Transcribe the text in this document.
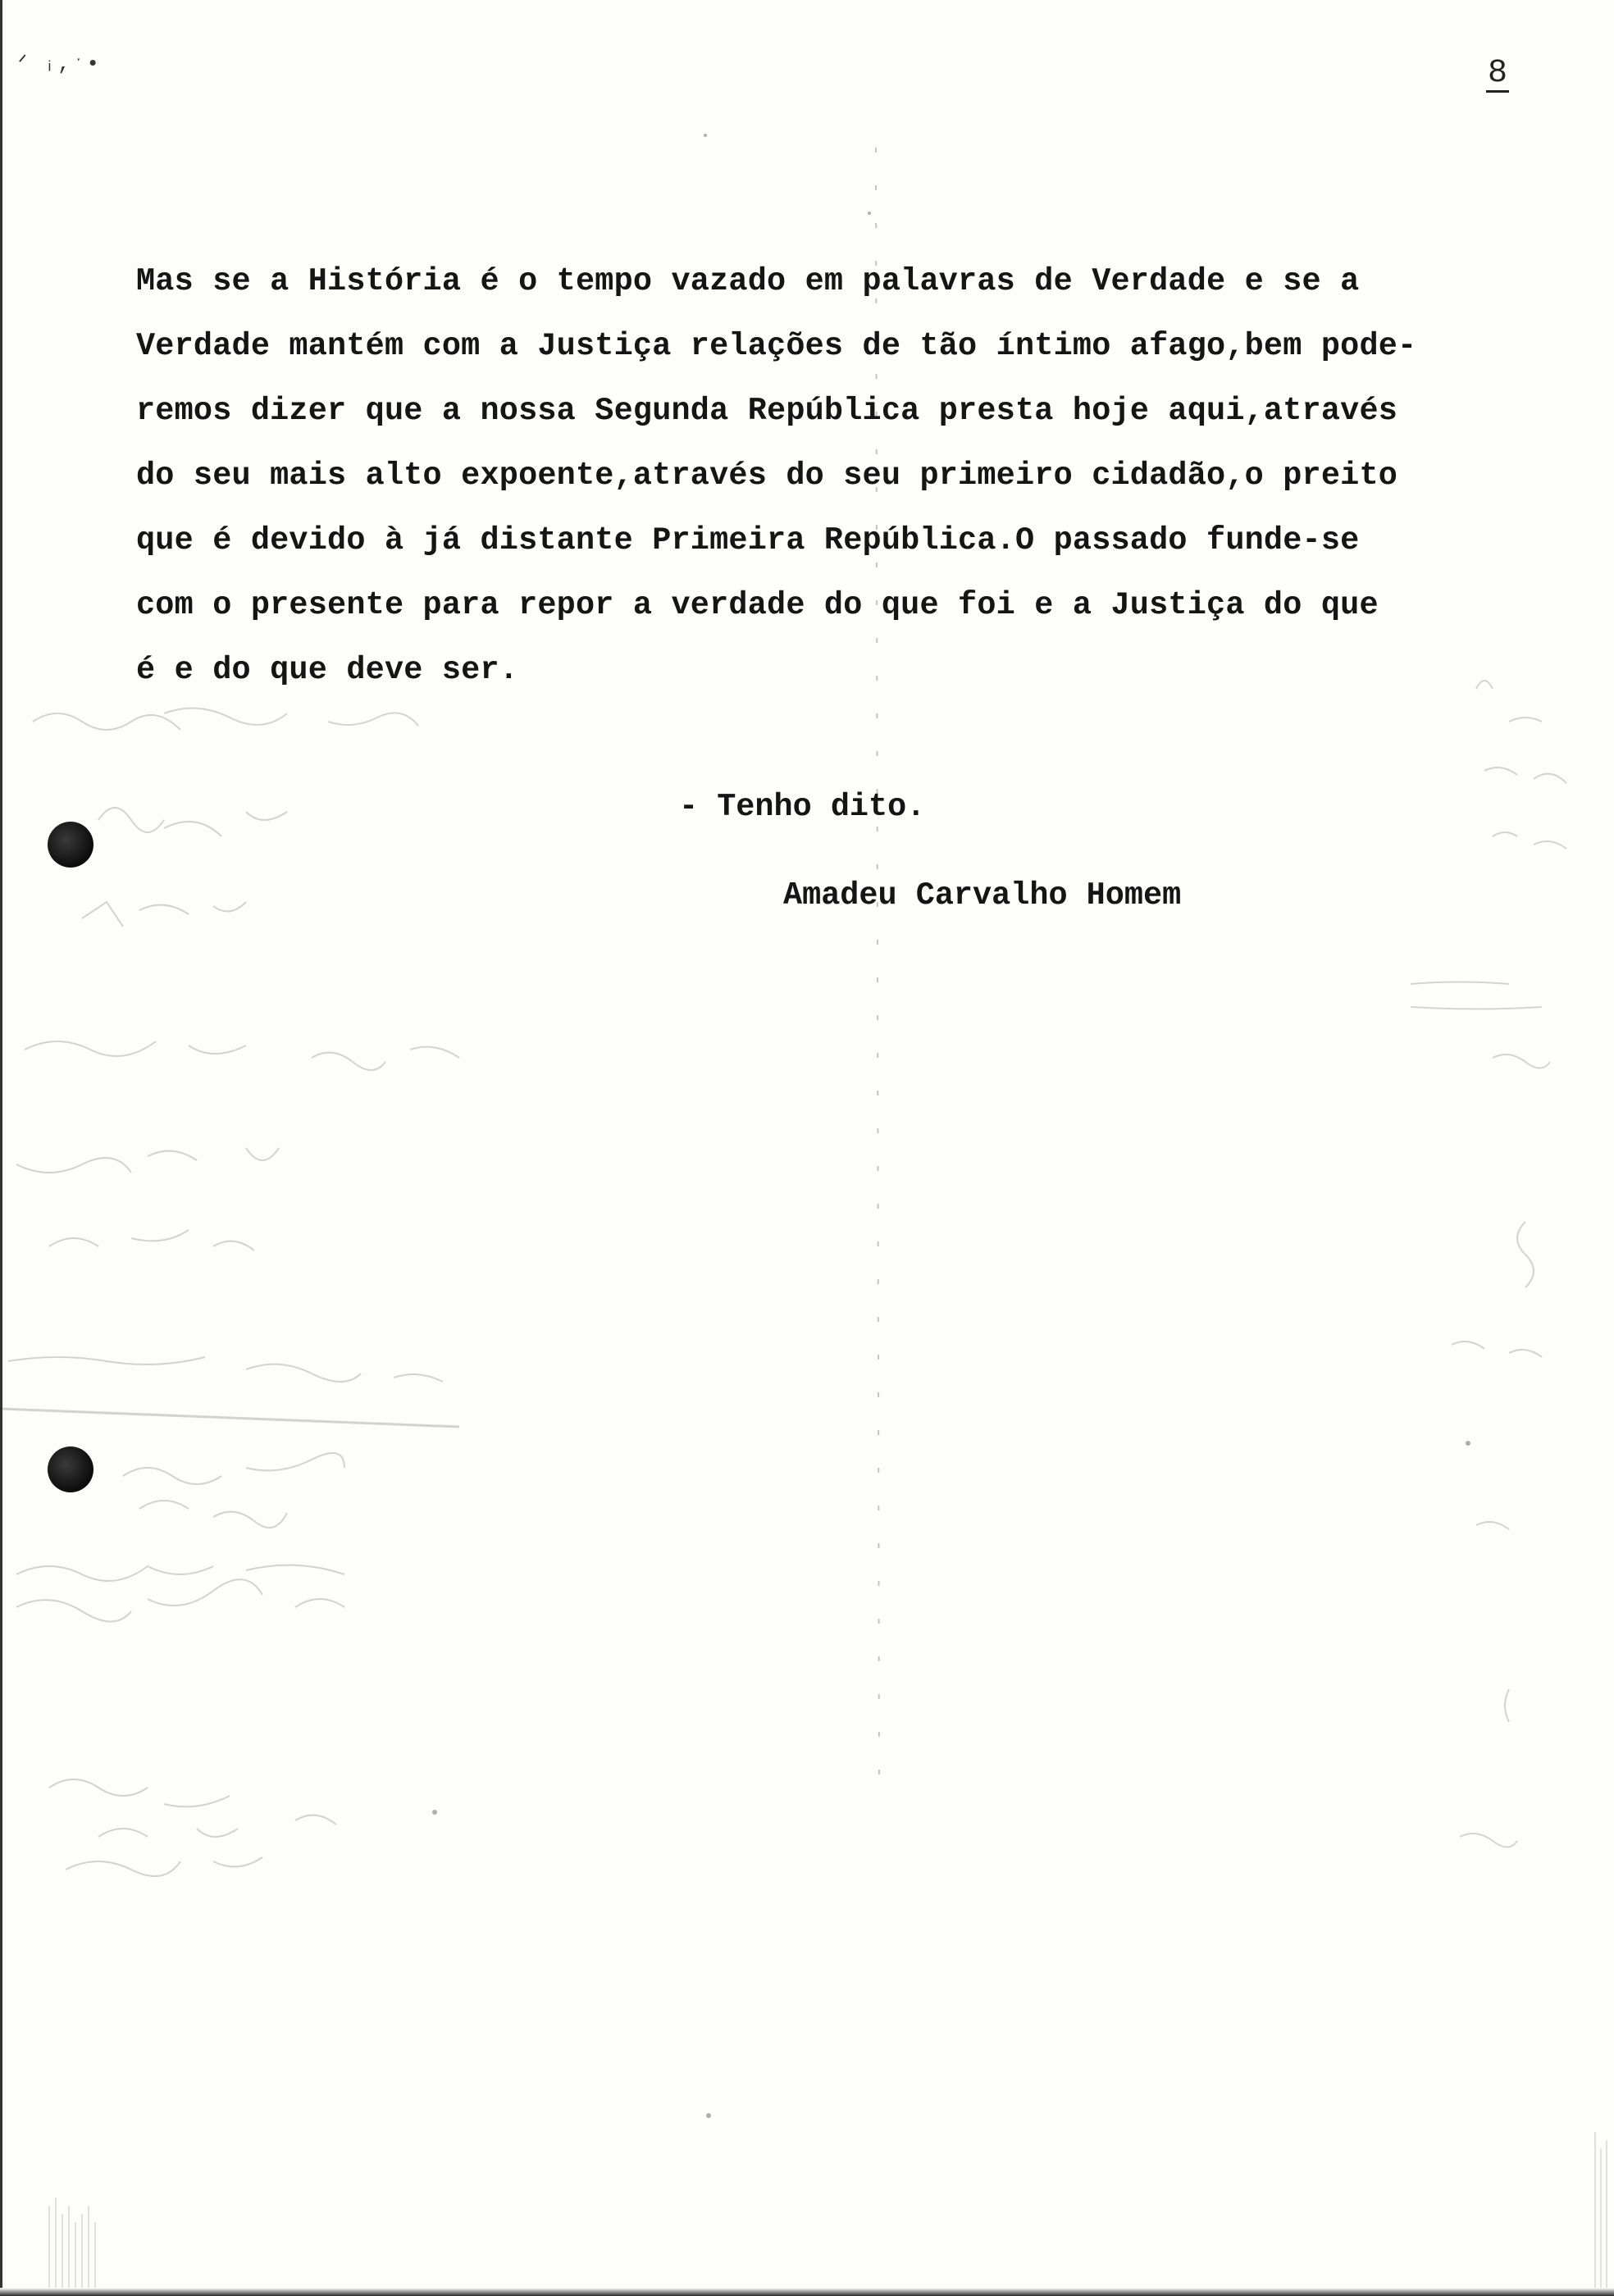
ᐟ ᵢ,ˑ•	8
Mas se a História é o tempo vazado em palavras de Verdade e se a
Verdade mantém com a Justiça relações de tão íntimo afago,bem pode-
remos dizer que a nossa Segunda República presta hoje aqui,através
do seu mais alto expoente,através do seu primeiro cidadão,o preito
que é devido à já distante Primeira República.O passado funde-se
com o presente para repor a verdade do que foi e a Justiça do que
é e do que deve ser.
- Tenho dito.
Amadeu Carvalho Homem
